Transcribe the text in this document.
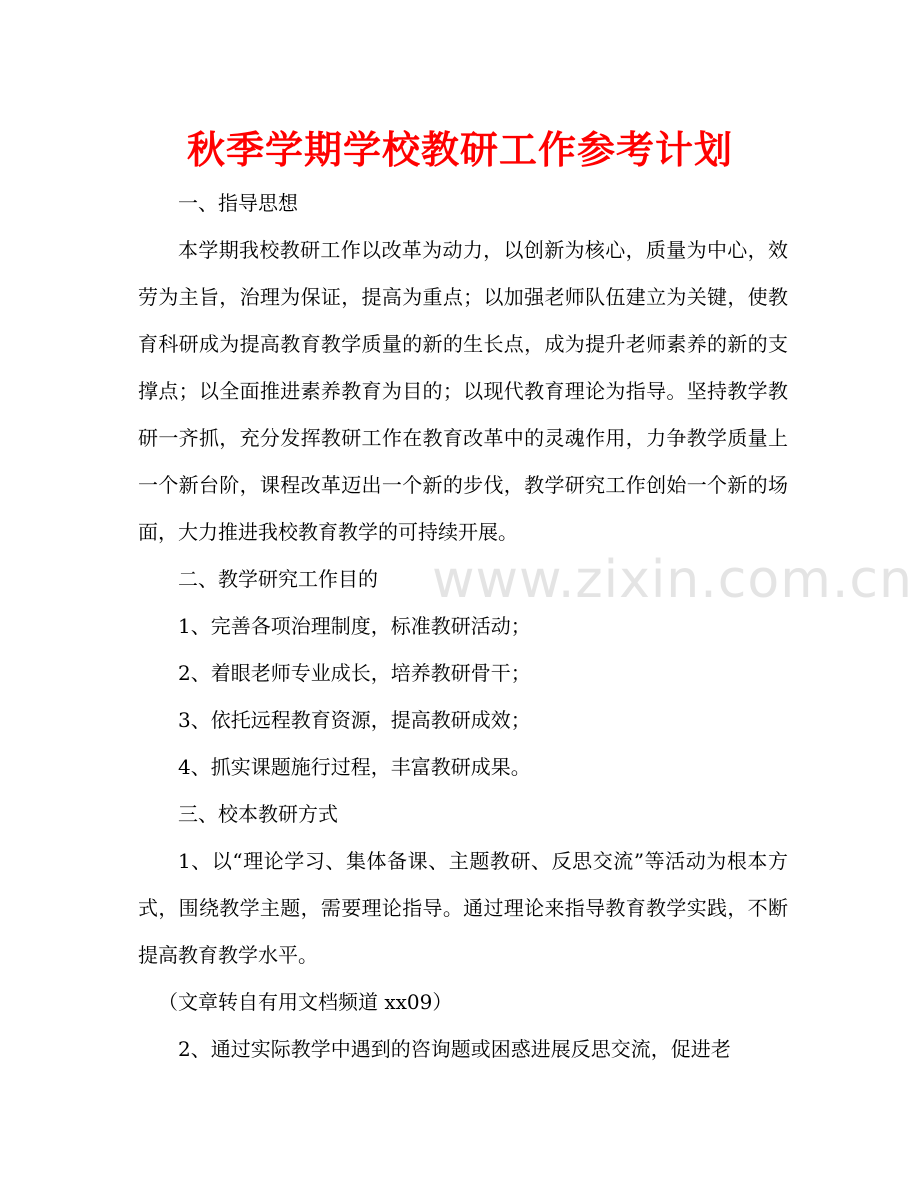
www.zixin.com.cn
秋季学期学校教研工作参考计划

一、指导思想

本学期我校教研工作以改革为动力，以创新为核心，质量为中心，效劳为主旨，治理为保证，提高为重点；以加强老师队伍建立为关键，使教育科研成为提高教育教学质量的新的生长点，成为提升老师素养的新的支撑点；以全面推进素养教育为目的；以现代教育理论为指导。坚持教学教研一齐抓，充分发挥教研工作在教育改革中的灵魂作用，力争教学质量上一个新台阶，课程改革迈出一个新的步伐，教学研究工作创始一个新的场面，大力推进我校教育教学的可持续开展。

二、教学研究工作目的

1、完善各项治理制度，标准教研活动；

2、着眼老师专业成长，培养教研骨干；

3、依托远程教育资源，提高教研成效；

4、抓实课题施行过程，丰富教研成果。

三、校本教研方式

1、以“理论学习、集体备课、主题教研、反思交流”等活动为根本方式，围绕教学主题，需要理论指导。通过理论来指导教育教学实践，不断提高教育教学水平。

（文章转自有用文档频道 xx09）

2、通过实际教学中遇到的咨询题或困惑进展反思交流，促进老
